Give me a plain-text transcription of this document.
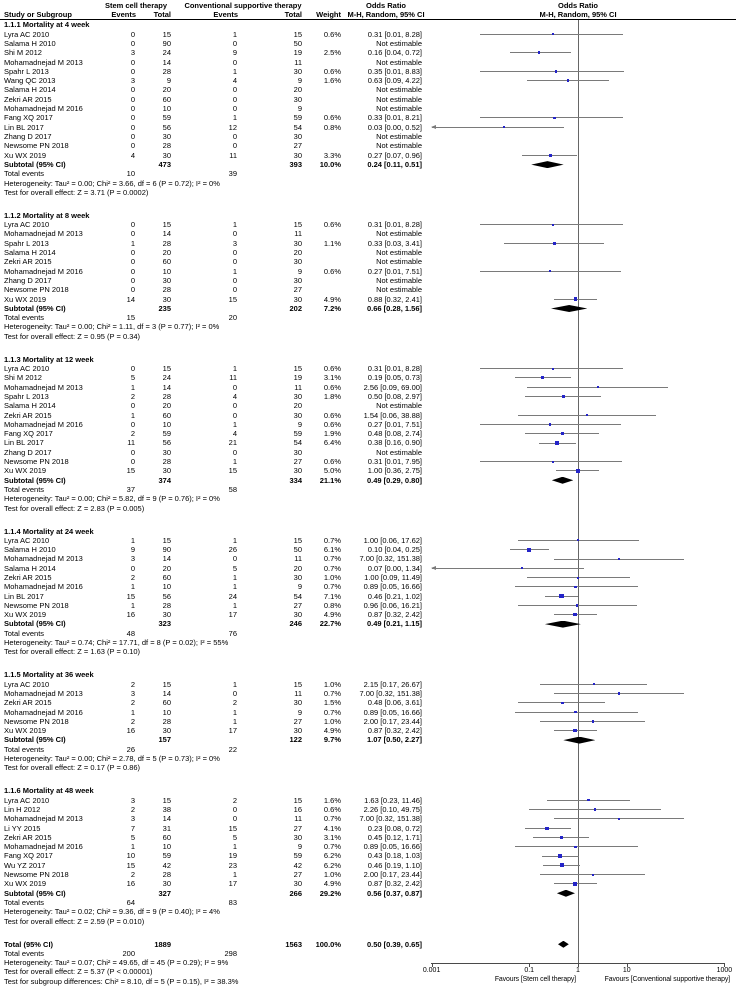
Stem cell therapy	Conventional supportive therapy	Odds Ratio	Odds Ratio
Study or Subgroup	Events	Total	Events	Total	Weight M-H, Random, 95% CI	M-H, Random, 95% CI
Favours [Stem cell therapy]	Favours [Conventional supportive therapy]
1.1.1 Mortality at 4 week
Lyra AC 2010	0	15	1	15	0.6%	0.31 [0.01, 8.28]
Salama H 2010	0	90	0	50	Not estimable
Shi M 2012	3	24	9	19	2.5%	0.16 [0.04, 0.72]
Mohamadnejad M 2013	0	14	0	11	Not estimable
Spahr L 2013	0	28	1	30	0.6%	0.35 [0.01, 8.83]
Wang QC 2013	3	9	4	9	1.6%	0.63 [0.09, 4.22]
Salama H 2014	0	20	0	20	Not estimable
Zekri AR 2015	0	60	0	30	Not estimable
Mohamadnejad M 2016	0	10	0	9	Not estimable
Fang XQ 2017	0	59	1	59	0.6%	0.33 [0.01, 8.21]
Lin BL 2017	0	56	12	54	0.8%	0.03 [0.00, 0.52]
Zhang D 2017	0	30	0	30	Not estimable
Newsome PN 2018	0	28	0	27	Not estimable
Xu WX 2019	4	30	11	30	3.3%	0.27 [0.07, 0.96]
Subtotal (95% CI)	473	393	10.0%	0.24 [0.11, 0.51]
Total events	10	39
Heterogeneity: Tau² = 0.00; Chi² = 3.66, df = 6 (P = 0.72); I² = 0%
Test for overall effect: Z = 3.71 (P = 0.0002)
1.1.2 Mortality at 8 week
Lyra AC 2010	0	15	1	15	0.6%	0.31 [0.01, 8.28]
Mohamadnejad M 2013	0	14	0	11	Not estimable
Spahr L 2013	1	28	3	30	1.1%	0.33 [0.03, 3.41]
Salama H 2014	0	20	0	20	Not estimable
Zekri AR 2015	0	60	0	30	Not estimable
Mohamadnejad M 2016	0	10	1	9	0.6%	0.27 [0.01, 7.51]
Zhang D 2017	0	30	0	30	Not estimable
Newsome PN 2018	0	28	0	27	Not estimable
Xu WX 2019	14	30	15	30	4.9%	0.88 [0.32, 2.41]
Subtotal (95% CI)	235	202	7.2%	0.66 [0.28, 1.56]
Total events	15	20
Heterogeneity: Tau² = 0.00; Chi² = 1.11, df = 3 (P = 0.77); I² = 0%
Test for overall effect: Z = 0.95 (P = 0.34)
1.1.3 Mortality at 12 week
Lyra AC 2010	0	15	1	15	0.6%	0.31 [0.01, 8.28]
Shi M 2012	5	24	11	19	3.1%	0.19 [0.05, 0.73]
Mohamadnejad M 2013	1	14	0	11	0.6%	2.56 [0.09, 69.00]
Spahr L 2013	2	28	4	30	1.8%	0.50 [0.08, 2.97]
Salama H 2014	0	20	0	20	Not estimable
Zekri AR 2015	1	60	0	30	0.6%	1.54 [0.06, 38.88]
Mohamadnejad M 2016	0	10	1	9	0.6%	0.27 [0.01, 7.51]
Fang XQ 2017	2	59	4	59	1.9%	0.48 [0.08, 2.74]
Lin BL 2017	11	56	21	54	6.4%	0.38 [0.16, 0.90]
Zhang D 2017	0	30	0	30	Not estimable
Newsome PN 2018	0	28	1	27	0.6%	0.31 [0.01, 7.95]
Xu WX 2019	15	30	15	30	5.0%	1.00 [0.36, 2.75]
Subtotal (95% CI)	374	334	21.1%	0.49 [0.29, 0.80]
Total events	37	58
Heterogeneity: Tau² = 0.00; Chi² = 5.82, df = 9 (P = 0.76); I² = 0%
Test for overall effect: Z = 2.83 (P = 0.005)
1.1.4 Mortality at 24 week
Lyra AC 2010	1	15	1	15	0.7%	1.00 [0.06, 17.62]
Salama H 2010	9	90	26	50	6.1%	0.10 [0.04, 0.25]
Mohamadnejad M 2013	3	14	0	11	0.7%	7.00 [0.32, 151.38]
Salama H 2014	0	20	5	20	0.7%	0.07 [0.00, 1.34]
Zekri AR 2015	2	60	1	30	1.0%	1.00 [0.09, 11.49]
Mohamadnejad M 2016	1	10	1	9	0.7%	0.89 [0.05, 16.66]
Lin BL 2017	15	56	24	54	7.1%	0.46 [0.21, 1.02]
Newsome PN 2018	1	28	1	27	0.8%	0.96 [0.06, 16.21]
Xu WX 2019	16	30	17	30	4.9%	0.87 [0.32, 2.42]
Subtotal (95% CI)	323	246	22.7%	0.49 [0.21, 1.15]
Total events	48	76
Heterogeneity: Tau² = 0.74; Chi² = 17.71, df = 8 (P = 0.02); I² = 55%
Test for overall effect: Z = 1.63 (P = 0.10)
1.1.5 Mortality at 36 week
Lyra AC 2010	2	15	1	15	1.0%	2.15 [0.17, 26.67]
Mohamadnejad M 2013	3	14	0	11	0.7%	7.00 [0.32, 151.38]
Zekri AR 2015	2	60	2	30	1.5%	0.48 [0.06, 3.61]
Mohamadnejad M 2016	1	10	1	9	0.7%	0.89 [0.05, 16.66]
Newsome PN 2018	2	28	1	27	1.0%	2.00 [0.17, 23.44]
Xu WX 2019	16	30	17	30	4.9%	0.87 [0.32, 2.42]
Subtotal (95% CI)	157	122	9.7%	1.07 [0.50, 2.27]
Total events	26	22
Heterogeneity: Tau² = 0.00; Chi² = 2.78, df = 5 (P = 0.73); I² = 0%
Test for overall effect: Z = 0.17 (P = 0.86)
1.1.6 Mortality at 48 week
Lyra AC 2010	3	15	2	15	1.6%	1.63 [0.23, 11.46]
Lin H 2012	2	38	0	16	0.6%	2.26 [0.10, 49.75]
Mohamadnejad M 2013	3	14	0	11	0.7%	7.00 [0.32, 151.38]
Li YY 2015	7	31	15	27	4.1%	0.23 [0.08, 0.72]
Zekri AR 2015	5	60	5	30	3.1%	0.45 [0.12, 1.71]
Mohamadnejad M 2016	1	10	1	9	0.7%	0.89 [0.05, 16.66]
Fang XQ 2017	10	59	19	59	6.2%	0.43 [0.18, 1.03]
Wu YZ 2017	15	42	23	42	6.2%	0.46 [0.19, 1.10]
Newsome PN 2018	2	28	1	27	1.0%	2.00 [0.17, 23.44]
Xu WX 2019	16	30	17	30	4.9%	0.87 [0.32, 2.42]
Subtotal (95% CI)	327	266	29.2%	0.56 [0.37, 0.87]
Total events	64	83
Heterogeneity: Tau² = 0.02; Chi² = 9.36, df = 9 (P = 0.40); I² = 4%
Test for overall effect: Z = 2.59 (P = 0.010)
Total (95% CI)	1889	1563	100.0%	0.50 [0.39, 0.65]
Total events	200	298
Heterogeneity: Tau² = 0.07; Chi² = 49.65, df = 45 (P = 0.29); I² = 9%
Test for overall effect: Z = 5.37 (P < 0.00001)
Test for subgroup differences: Chi² = 8.10, df = 5 (P = 0.15), I² = 38.3%
0.001	0.1	1	10	1000
